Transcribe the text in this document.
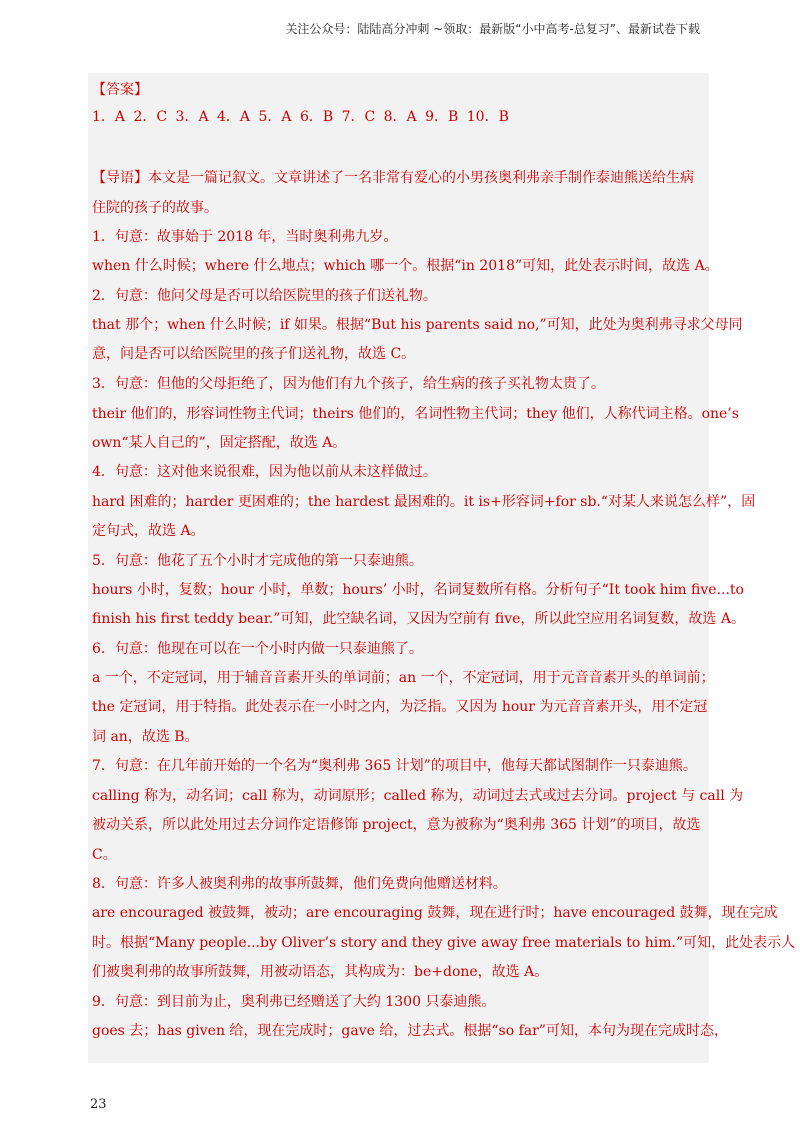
关注公众号：陆陆高分冲刺 ~领取：最新版“小中高考-总复习”、最新试卷下载
【答案】
1．A 2．C 3．A 4．A 5．A 6．B 7．C 8．A 9．B 10．B
【导语】本文是一篇记叙文。文章讲述了一名非常有爱心的小男孩奥利弗亲手制作泰迪熊送给生病
住院的孩子的故事。
1．句意：故事始于 2018 年，当时奥利弗九岁。
when 什么时候；where 什么地点；which 哪一个。根据“in 2018”可知，此处表示时间，故选 A。
2．句意：他问父母是否可以给医院里的孩子们送礼物。
that 那个；when 什么时候；if 如果。根据“But his parents said no,”可知，此处为奥利弗寻求父母同
意，问是否可以给医院里的孩子们送礼物，故选 C。
3．句意：但他的父母拒绝了，因为他们有九个孩子，给生病的孩子买礼物太贵了。
their 他们的，形容词性物主代词；theirs 他们的，名词性物主代词；they 他们，人称代词主格。one’s
own“某人自己的”，固定搭配，故选 A。
4．句意：这对他来说很难，因为他以前从未这样做过。
hard 困难的；harder 更困难的；the hardest 最困难的。it is+形容词+for sb.“对某人来说怎么样”，固
定句式，故选 A。
5．句意：他花了五个小时才完成他的第一只泰迪熊。
hours 小时，复数；hour 小时，单数；hours’ 小时，名词复数所有格。分析句子“It took him five...to
finish his first teddy bear.”可知，此空缺名词，又因为空前有 five，所以此空应用名词复数，故选 A。
6．句意：他现在可以在一个小时内做一只泰迪熊了。
a 一个，不定冠词，用于辅音音素开头的单词前；an 一个，不定冠词，用于元音音素开头的单词前；
the 定冠词，用于特指。此处表示在一小时之内，为泛指。又因为 hour 为元音音素开头，用不定冠
词 an，故选 B。
7．句意：在几年前开始的一个名为“奥利弗 365 计划”的项目中，他每天都试图制作一只泰迪熊。
calling 称为，动名词；call 称为，动词原形；called 称为，动词过去式或过去分词。project 与 call 为
被动关系，所以此处用过去分词作定语修饰 project，意为被称为“奥利弗 365 计划”的项目，故选
C。
8．句意：许多人被奥利弗的故事所鼓舞，他们免费向他赠送材料。
are encouraged 被鼓舞，被动；are encouraging 鼓舞，现在进行时；have encouraged 鼓舞，现在完成
时。根据“Many people...by Oliver’s story and they give away free materials to him.”可知，此处表示人
们被奥利弗的故事所鼓舞，用被动语态，其构成为：be+done，故选 A。
9．句意：到目前为止，奥利弗已经赠送了大约 1300 只泰迪熊。
goes 去；has given 给，现在完成时；gave 给，过去式。根据“so far”可知，本句为现在完成时态，
23
